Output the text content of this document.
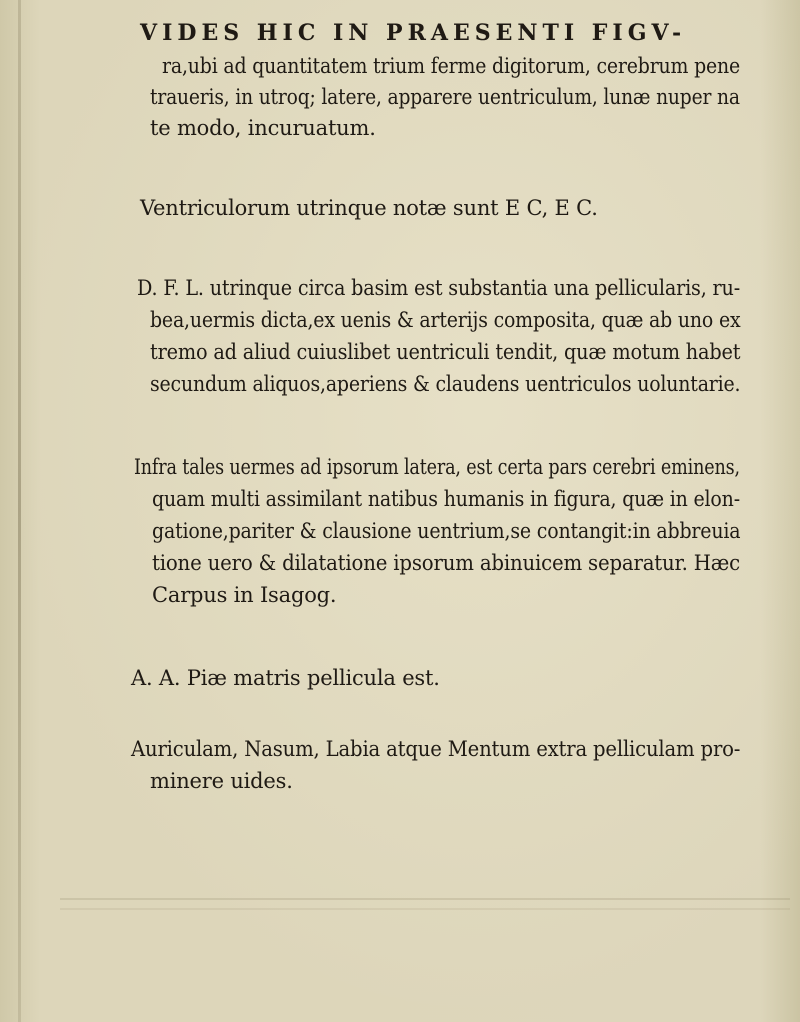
VIDES HIC IN PRAESENTI FIGV-
ra,ubi ad quantitatem trium ferme digitorum, cerebrum pene
traueris, in utroq; latere, apparere uentriculum, lunæ nuper na
te modo, incuruatum.
Ventriculorum utrinque notæ sunt E C, E C.
D. F. L. utrinque circa basim est substantia una pellicularis, ru-
bea,uermis dicta,ex uenis & arterijs composita, quæ ab uno ex
tremo ad aliud cuiuslibet uentriculi tendit, quæ motum habet
secundum aliquos,aperiens & claudens uentriculos uoluntarie.
Infra tales uermes ad ipsorum latera, est certa pars cerebri eminens,
quam multi assimilant natibus humanis in figura, quæ in elon-
gatione,pariter & clausione uentrium,se contangit:in abbreuia
tione uero & dilatatione ipsorum abinuicem separatur. Hæc
Carpus in Isagog.
A. A. Piæ matris pellicula est.
Auriculam, Nasum, Labia atque Mentum extra pelliculam pro-
minere uides.
